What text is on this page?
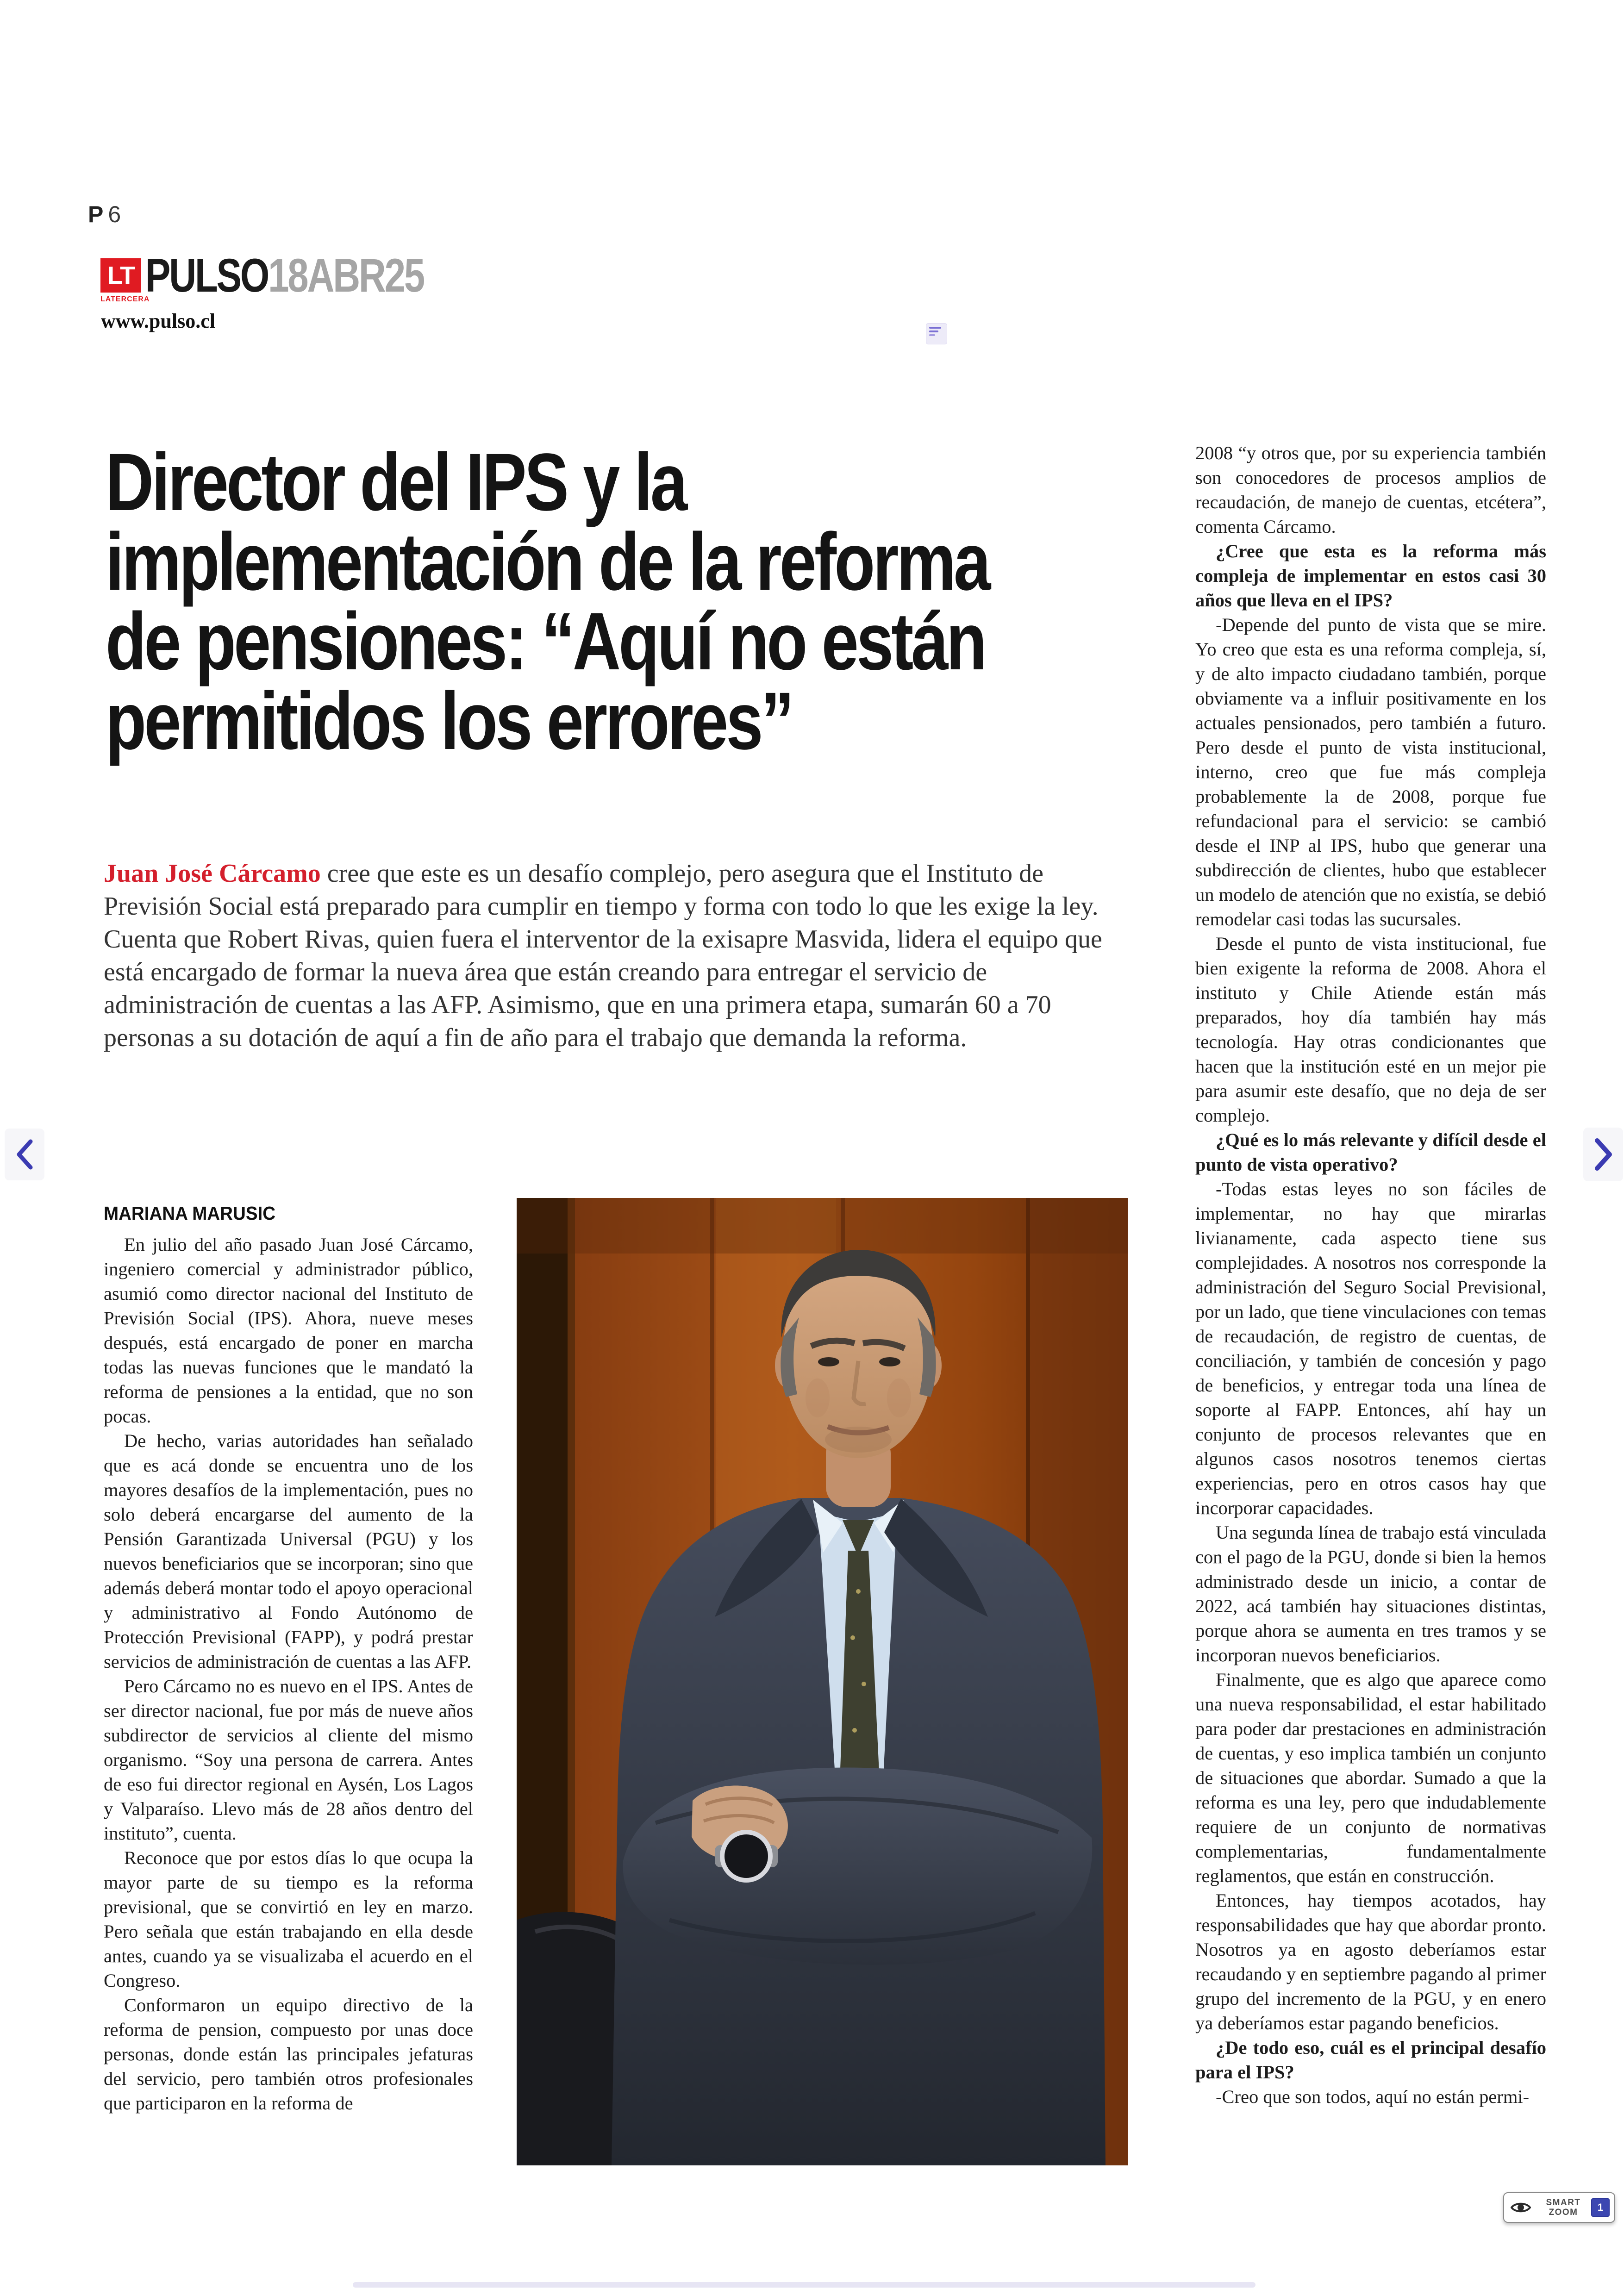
P 6
LT
LATERCERA
PULSO18ABR25
www.pulso.cl
Director del IPS y la
implementación de la reforma
de pensiones: “Aquí no están
permitidos los errores”

Juan José Cárcamo cree que este es un desafío complejo, pero asegura que el Instituto de Previsión Social está preparado para cumplir en tiempo y forma con todo lo que les exige la ley. Cuenta que Robert Rivas, quien fuera el interventor de la exisapre Masvida, lidera el equipo que está encargado de formar la nueva área que están creando para entregar el servicio de administración de cuentas a las AFP. Asimismo, que en una primera etapa, sumarán 60 a 70 personas a su dotación de aquí a fin de año para el trabajo que demanda la reforma.

MARIANA MARUSIC

En julio del año pasado Juan José Cárcamo, ingeniero comercial y administrador público, asumió como director nacional del Instituto de Previsión Social (IPS). Ahora, nueve meses después, está encargado de poner en marcha todas las nuevas funciones que le mandató la reforma de pensiones a la entidad, que no son pocas.

De hecho, varias autoridades han señalado que es acá donde se encuentra uno de los mayores desafíos de la implementación, pues no solo deberá encargarse del aumento de la Pensión Garantizada Universal (PGU) y los nuevos beneficiarios que se incorporan; sino que además deberá montar todo el apoyo operacional y administrativo al Fondo Autónomo de Protección Previsional (FAPP), y podrá prestar servicios de administración de cuentas a las AFP.

Pero Cárcamo no es nuevo en el IPS. Antes de ser director nacional, fue por más de nueve años subdirector de servicios al cliente del mismo organismo. “Soy una persona de carrera. Antes de eso fui director regional en Aysén, Los Lagos y Valparaíso. Llevo más de 28 años dentro del instituto”, cuenta.

Reconoce que por estos días lo que ocupa la mayor parte de su tiempo es la reforma previsional, que se convirtió en ley en marzo. Pero señala que están trabajando en ella desde antes, cuando ya se visualizaba el acuerdo en el Congreso.

Conformaron un equipo directivo de la reforma de pension, compuesto por unas doce personas, donde están las principales jefaturas del servicio, pero también otros profesionales que participaron en la reforma de

2008 “y otros que, por su experiencia también son conocedores de procesos amplios de recaudación, de manejo de cuentas, etcétera”, comenta Cárcamo.

¿Cree que esta es la reforma más compleja de implementar en estos casi 30 años que lleva en el IPS?

-Depende del punto de vista que se mire. Yo creo que esta es una reforma compleja, sí, y de alto impacto ciudadano también, porque obviamente va a influir positivamente en los actuales pensionados, pero también a futuro. Pero desde el punto de vista institucional, interno, creo que fue más compleja probablemente la de 2008, porque fue refundacional para el servicio: se cambió desde el INP al IPS, hubo que generar una subdirección de clientes, hubo que establecer un modelo de atención que no existía, se debió remodelar casi todas las sucursales.

Desde el punto de vista institucional, fue bien exigente la reforma de 2008. Ahora el instituto y Chile Atiende están más preparados, hoy día también hay más tecnología. Hay otras condicionantes que hacen que la institución esté en un mejor pie para asumir este desafío, que no deja de ser complejo.

¿Qué es lo más relevante y difícil desde el punto de vista operativo?

-Todas estas leyes no son fáciles de implementar, no hay que mirarlas livianamente, cada aspecto tiene sus complejidades. A nosotros nos corresponde la administración del Seguro Social Previsional, por un lado, que tiene vinculaciones con temas de recaudación, de registro de cuentas, de conciliación, y también de concesión y pago de beneficios, y entregar toda una línea de soporte al FAPP. Entonces, ahí hay un conjunto de procesos relevantes que en algunos casos nosotros tenemos ciertas experiencias, pero en otros casos hay que incorporar capacidades.

Una segunda línea de trabajo está vinculada con el pago de la PGU, donde si bien la hemos administrado desde un inicio, a contar de 2022, acá también hay situaciones distintas, porque ahora se aumenta en tres tramos y se incorporan nuevos beneficiarios.

Finalmente, que es algo que aparece como una nueva responsabilidad, el estar habilitado para poder dar prestaciones en administración de cuentas, y eso implica también un conjunto de situaciones que abordar. Sumado a que la reforma es una ley, pero que indudablemente requiere de un conjunto de normativas complementarias, fundamentalmente reglamentos, que están en construcción.

Entonces, hay tiempos acotados, hay responsabilidades que hay que abordar pronto. Nosotros ya en agosto deberíamos estar recaudando y en septiembre pagando al primer grupo del incremento de la PGU, y en enero ya deberíamos estar pagando beneficios.

¿De todo eso, cuál es el principal desafío para el IPS?

-Creo que son todos, aquí no están permi-

SMART
ZOOM	1
